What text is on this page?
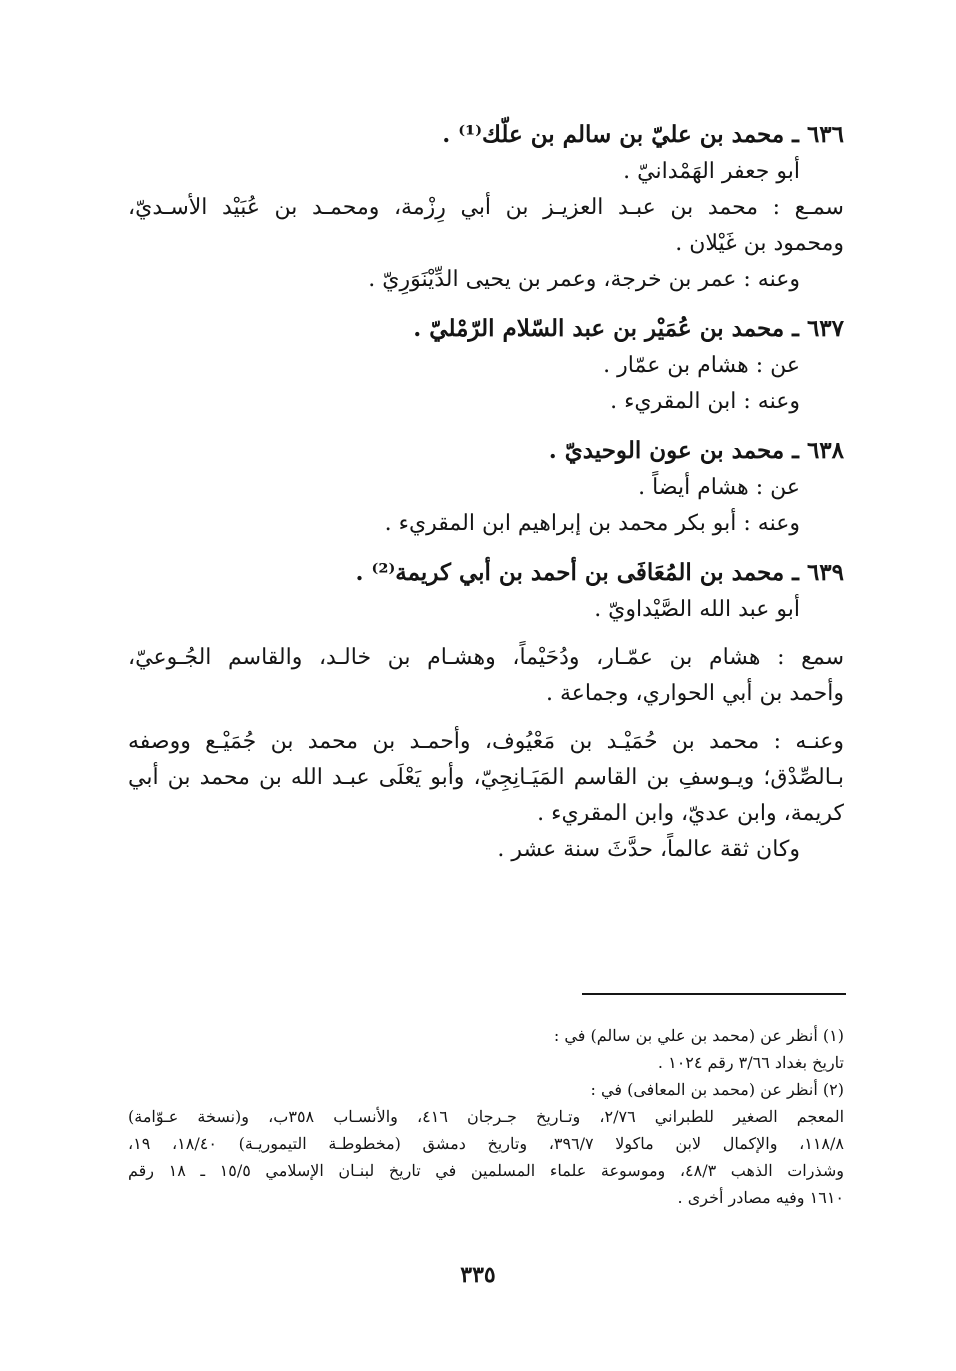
٦٣٦ ـ محمد بن عليّ بن سالم بن علّك⁽¹⁾ .
أبو جعفر الهَمْدانيّ .
سمـع : محمد بن عبـد العزيـز بن أبي رِزْمة، ومحمـد بن عُبَيْد الأسـديّ،
ومحمود بن غَيْلان .
وعنه : عمر بن خرجة، وعمر بن يحيى الدِّيْنَوَرِيّ .
٦٣٧ ـ محمد بن عُمَيْر بن عبد السّلام الرّمْليّ .
عن : هشام بن عمّار .
وعنه : ابن المقريء .
٦٣٨ ـ محمد بن عون الوحيديّ .
عن : هشام أيضاً .
وعنه : أبو بكر محمد بن إبراهيم ابن المقريء .
٦٣٩ ـ محمد بن المُعَافَى بن أحمد بن أبي كريمة⁽²⁾ .
أبو عبد الله الصَّيْداويّ .
سمع : هشام بن عمّـار، ودُحَيْماً، وهشـام بن خالـد، والقاسم الجُـوعيّ،
وأحمد بن أبي الحواري، وجماعة .
وعنـه : محمد بن حُمَيْـد بن مَعْيُوف، وأحمـد بن محمد بن جُمَيْـع ووصفه
بـالصِّدْق؛ ويـوسفِ بن القاسم المَيَـانِجِيّ، وأبو يَعْلَى عبـد الله بن محمد بن أبي
كريمة، وابن عديّ، وابن المقريء .
وكان ثقة عالماً، حدَّثَ سنة عشر .
(١) أنظر عن (محمد بن علي بن سالم) في :
تاريخ بغداد ٣/٦٦ رقم ١٠٢٤ .
(٢) أنظر عن (محمد بن المعافى) في :
المعجم الصغير للطبراني ٢/٧٦، وتـاريخ جـرجان ٤١٦، والأنسـاب ٣٥٨ب، و(نسخة عـوّامة)
١١٨/٨، والإكمال لابن ماكولا ٣٩٦/٧، وتاريخ دمشق (مخطوطـة التيموريـة) ١٨/٤٠، ١٩،
وشذرات الذهب ٤٨/٣، وموسوعة علماء المسلمين في تاريخ لبنـان الإسلامي ١٥/٥ ـ ١٨ رقم
١٦١٠ وفيه مصادر أخرى .
٣٣٥
